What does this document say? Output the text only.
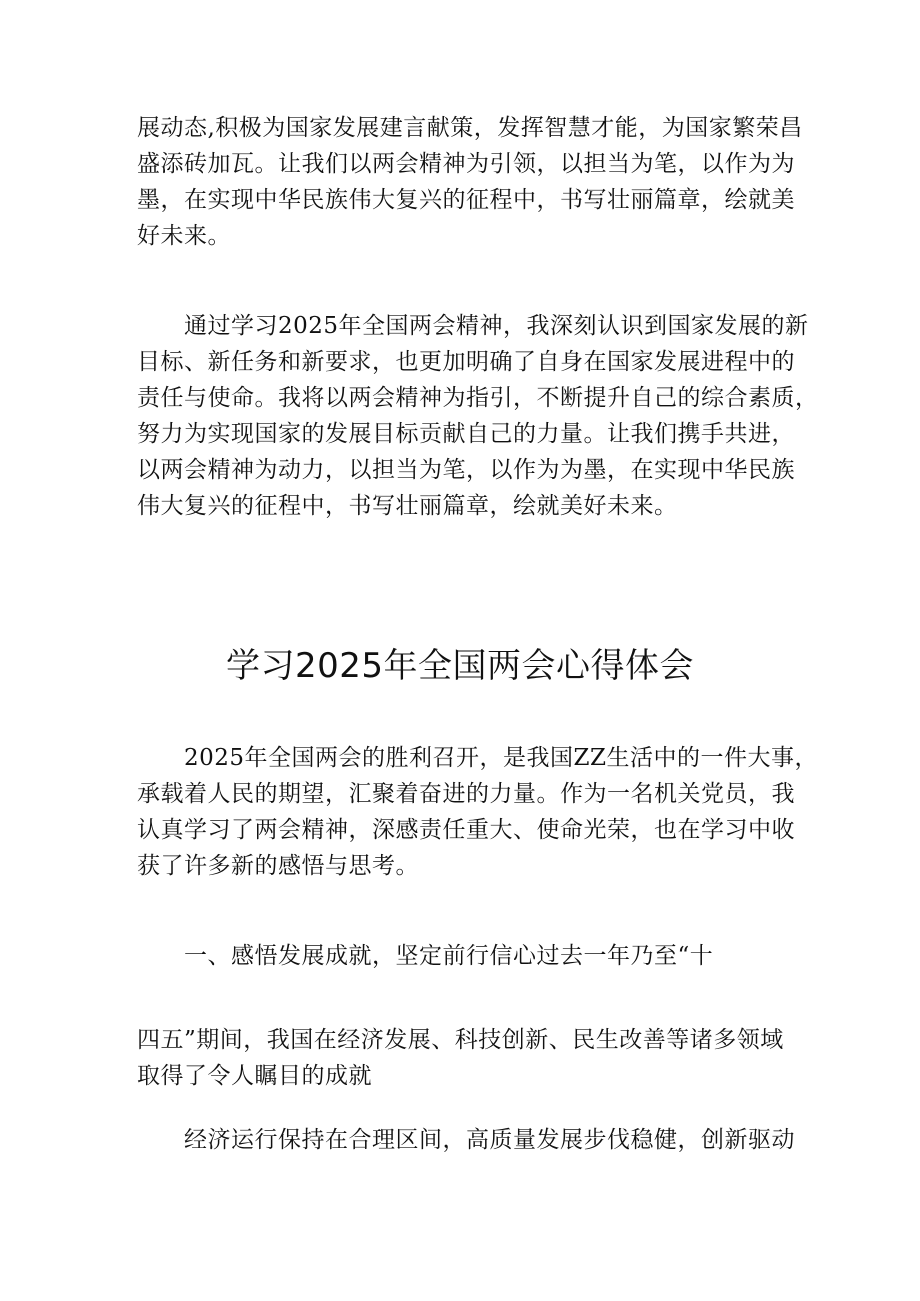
展动态,积极为国家发展建言献策，发挥智慧才能，为国家繁荣昌
盛添砖加瓦。让我们以两会精神为引领，以担当为笔，以作为为
墨，在实现中华民族伟大复兴的征程中，书写壮丽篇章，绘就美
好未来。
通过学习2025年全国两会精神，我深刻认识到国家发展的新
目标、新任务和新要求，也更加明确了自身在国家发展进程中的
责任与使命。我将以两会精神为指引，不断提升自己的综合素质，
努力为实现国家的发展目标贡献自己的力量。让我们携手共进，
以两会精神为动力，以担当为笔，以作为为墨，在实现中华民族
伟大复兴的征程中，书写壮丽篇章，绘就美好未来。
学习2025年全国两会心得体会
2025年全国两会的胜利召开，是我国ZZ生活中的一件大事，
承载着人民的期望，汇聚着奋进的力量。作为一名机关党员，我
认真学习了两会精神，深感责任重大、使命光荣，也在学习中收
获了许多新的感悟与思考。
一、感悟发展成就，坚定前行信心过去一年乃至“十
四五”期间，我国在经济发展、科技创新、民生改善等诸多领域
取得了令人瞩目的成就
经济运行保持在合理区间，高质量发展步伐稳健，创新驱动
